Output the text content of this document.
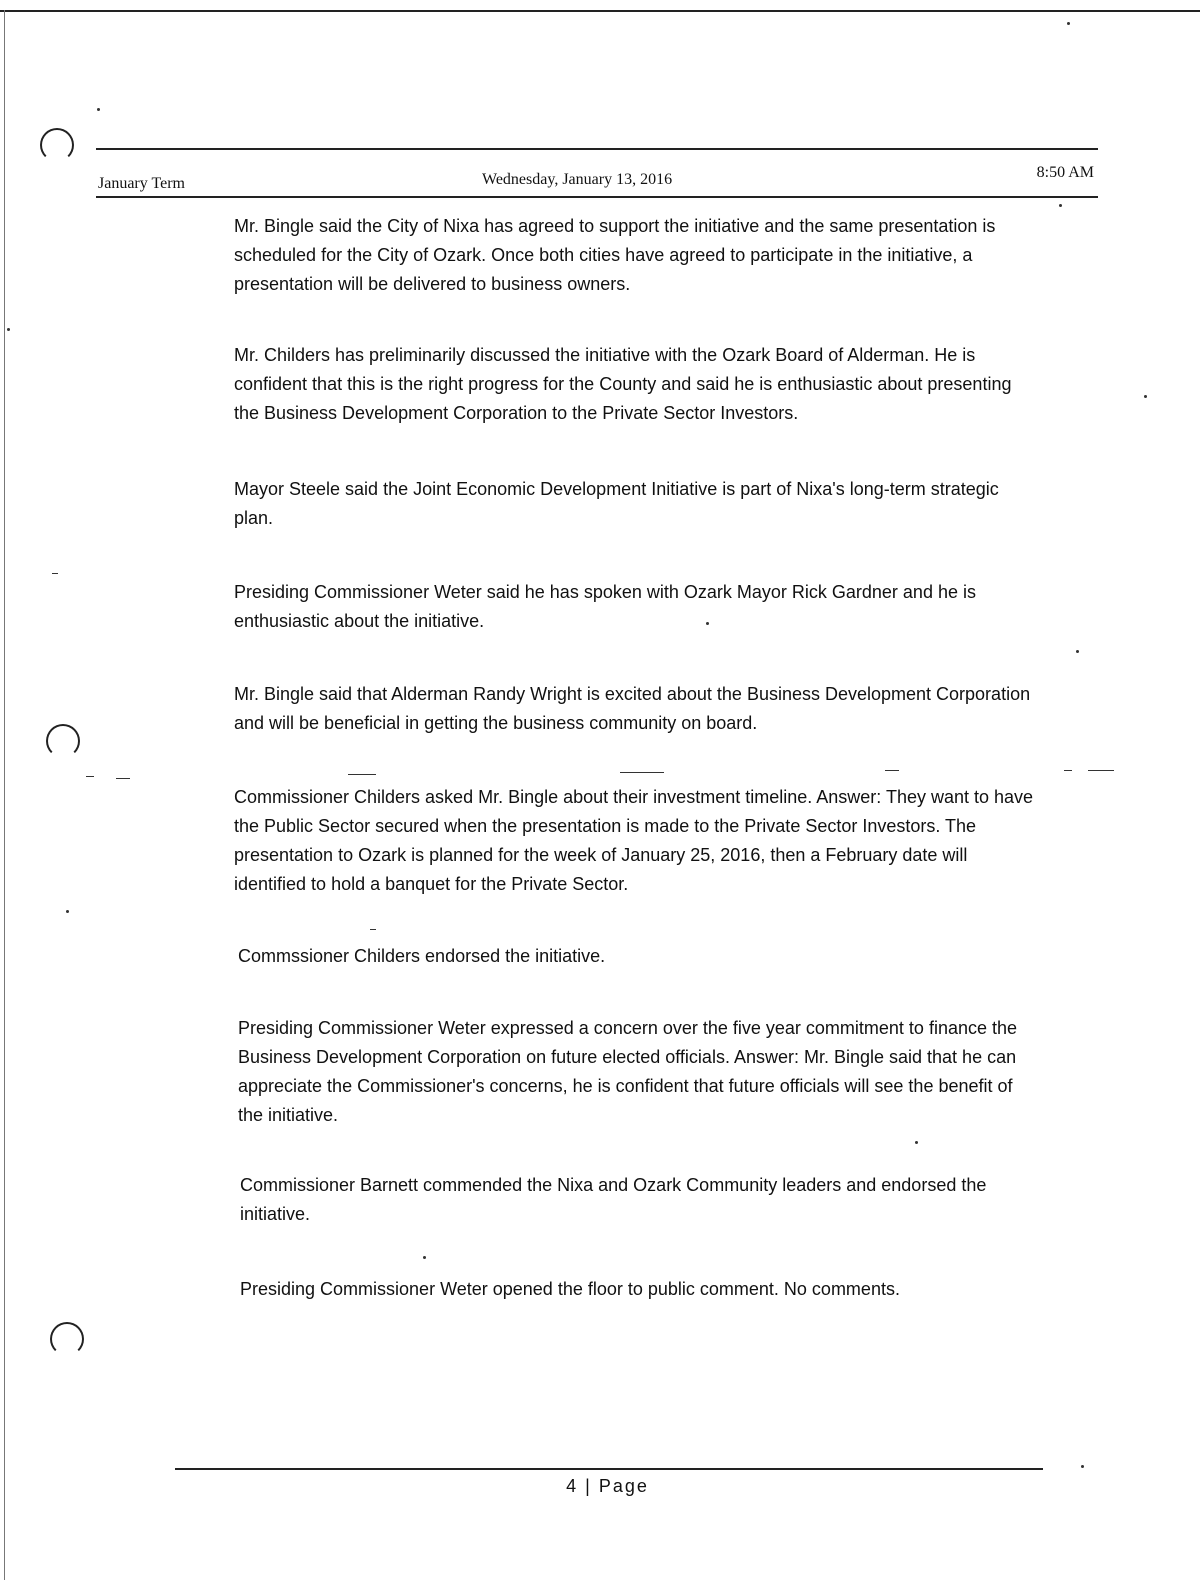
January Term	Wednesday, January 13, 2016	8:50 AM

Mr. Bingle said the City of Nixa has agreed to support the initiative and the same presentation is scheduled for the City of Ozark. Once both cities have agreed to participate in the initiative, a presentation will be delivered to business owners.

Mr. Childers has preliminarily discussed the initiative with the Ozark Board of Alderman. He is confident that this is the right progress for the County and said he is enthusiastic about presenting the Business Development Corporation to the Private Sector Investors.

Mayor Steele said the Joint Economic Development Initiative is part of Nixa's long-term strategic plan.

Presiding Commissioner Weter said he has spoken with Ozark Mayor Rick Gardner and he is enthusiastic about the initiative.

Mr. Bingle said that Alderman Randy Wright is excited about the Business Development Corporation and will be beneficial in getting the business community on board.

Commissioner Childers asked Mr. Bingle about their investment timeline. Answer: They want to have the Public Sector secured when the presentation is made to the Private Sector Investors. The presentation to Ozark is planned for the week of January 25, 2016, then a February date will identified to hold a banquet for the Private Sector.

Commssioner Childers endorsed the initiative.

Presiding Commissioner Weter expressed a concern over the five year commitment to finance the Business Development Corporation on future elected officials. Answer: Mr. Bingle said that he can appreciate the Commissioner's concerns, he is confident that future officials will see the benefit of the initiative.

Commissioner Barnett commended the Nixa and Ozark Community leaders and endorsed the initiative.

Presiding Commissioner Weter opened the floor to public comment. No comments.

4 | Page
